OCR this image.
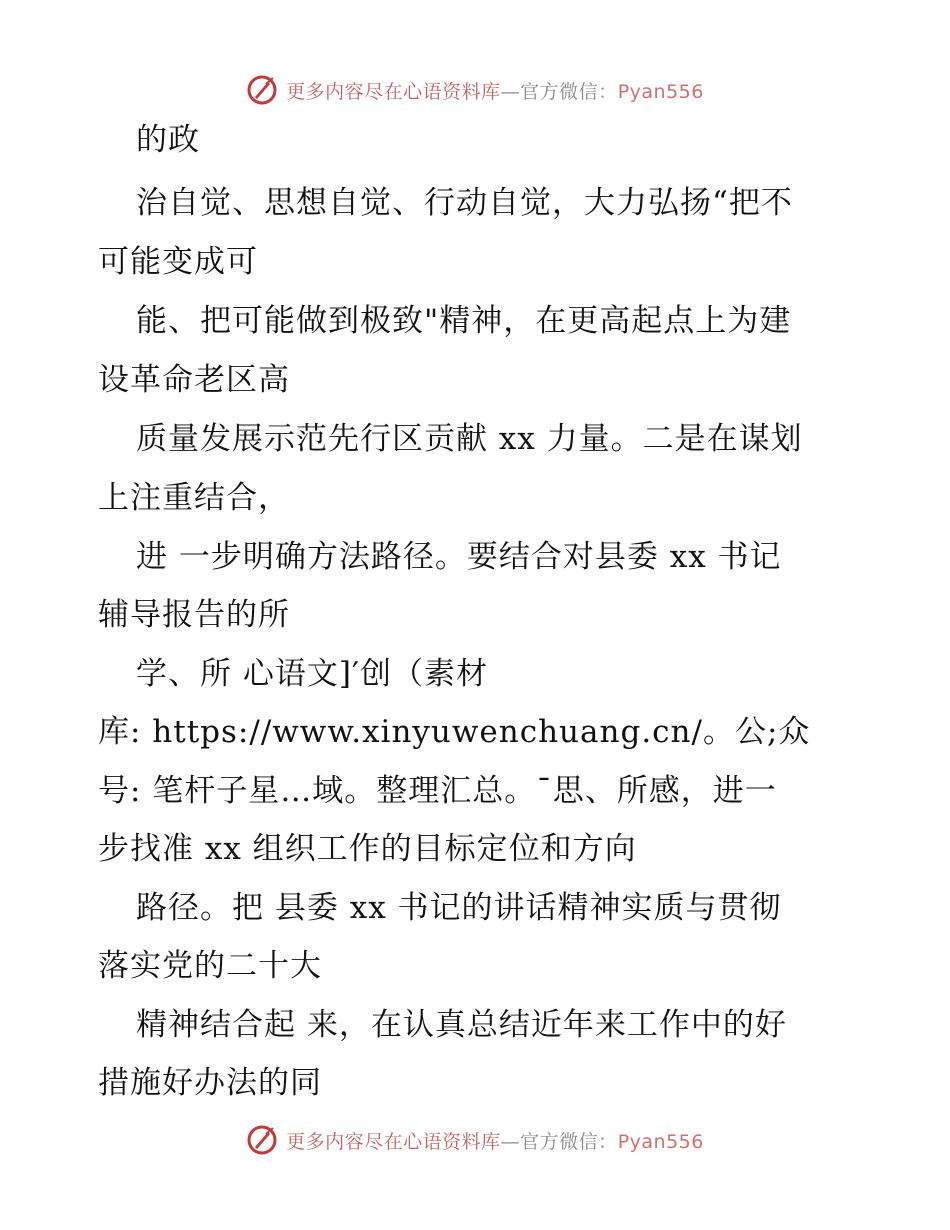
更多内容尽在心语资料库—官方微信：Pyan556
的政
治自觉、思想自觉、行动自觉，大力弘扬“把不
可能变成可
能、把可能做到极致"精神，在更高起点上为建
设革命老区高
质量发展示范先行区贡献 xx 力量。二是在谋划
上注重结合，
进 一步明确方法路径。要结合对县委 xx 书记
辅导报告的所
学、所 心语文]′创（素材
库: https://www.xinyuwenchuang.cn/。公;众
号: 笔杆子星…域。整理汇总。¯思、所感，进一
步找准 xx 组织工作的目标定位和方向
路径。把 县委 xx 书记的讲话精神实质与贯彻
落实党的二十大
精神结合起 来，在认真总结近年来工作中的好
措施好办法的同
更多内容尽在心语资料库—官方微信：Pyan556
